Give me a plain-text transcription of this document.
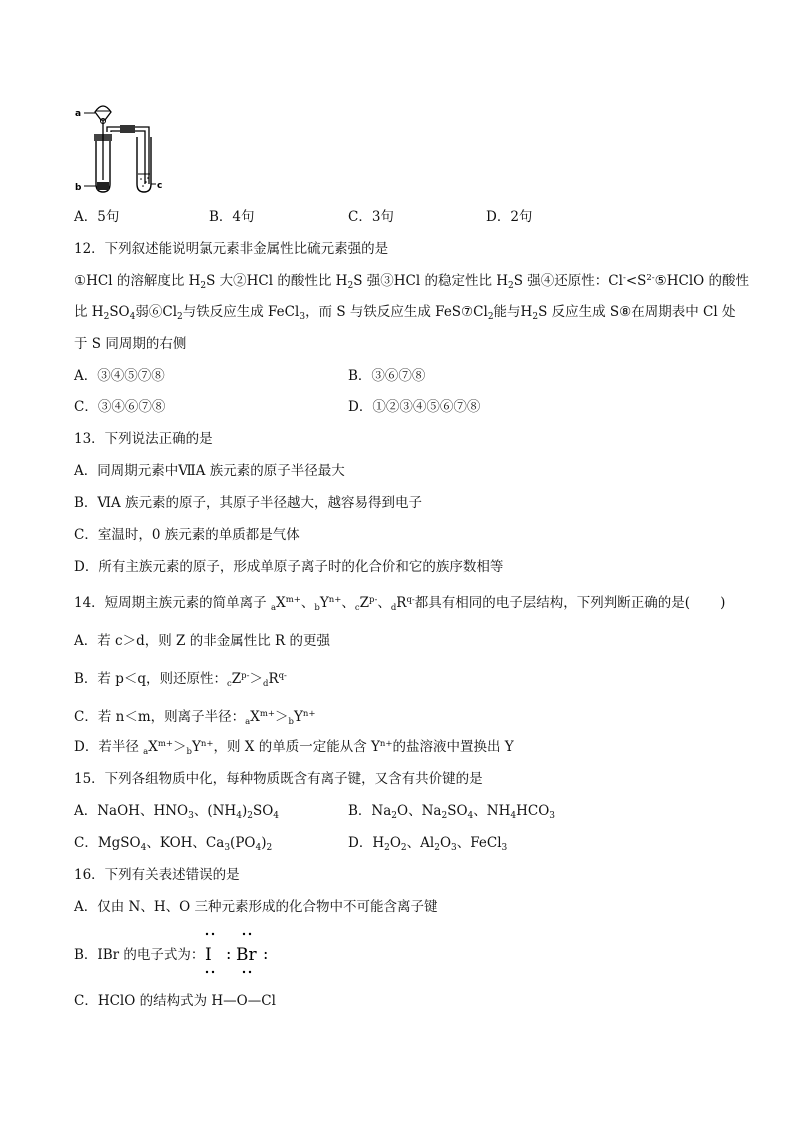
a
b	c
A．5句	B．4句	C．3句	D．2句
12．下列叙述能说明氯元素非金属性比硫元素强的是
①HCl 的溶解度比 $H_2S$ 大②HCl 的酸性比 $H_2S$ 强③HCl 的稳定性比 $H_2S$ 强④还原性：$Cl^-<S^{2-}⑤HClO$ 的酸性
比 $H_2SO_4$弱$⑥Cl_2$与铁反应生成 FeCl$_3$，而 S 与铁反应生成 $FeS⑦Cl_2$能与$H_2S$ 反应生成 S⑧在周期表中 Cl 处
于 S 同周期的右侧
A．③④⑤⑦⑧	B．③⑥⑦⑧
C．③④⑥⑦⑧	D．①②③④⑤⑥⑦⑧
13．下列说法正确的是
A．同周期元素中ⅦA 族元素的原子半径最大
B．ⅥA 族元素的原子，其原子半径越大，越容易得到电子
C．室温时，0 族元素的单质都是气体
D．所有主族元素的原子，形成单原子离子时的化合价和它的族序数相等
14．短周期主族元素的简单离子 $_aX^{m+}$、$_bY^{n+}$、$_cZ^{p-}$、$_dR^{q-}$都具有相同的电子层结构，下列判断正确的是( )
A．若 c＞d，则 Z 的非金属性比 R 的更强
B．若 p＜q，则还原性：$_cZ^{p-}>_dR^{q-}$
C．若 n＜m，则离子半径：$_aX^{m+}>_bY^{n+}$
D．若半径 $_aX^{m+}>_bY^{n+}$，则 X 的单质一定能从含 $Y^{n+}$的盐溶液中置换出 Y
15．下列各组物质中化，每种物质既含有离子键，又含有共价键的是
A．NaOH、$HNO_3$、$(NH_4)_2SO_4$	B．$Na_2O$、$Na_2SO_4$、$NH_4HCO_3$
C．MgSO$_4$、KOH、$Ca_3(PO_4)_2$	D．$H_2O_2$、$Al_2O_3$、FeCl$_3$
16．下列有关表述错误的是
A．仅由 N、H、O 三种元素形成的化合物中不可能含离子键
B．IBr 的电子式为： I : Br :
C．HClO 的结构式为 H—O—Cl
